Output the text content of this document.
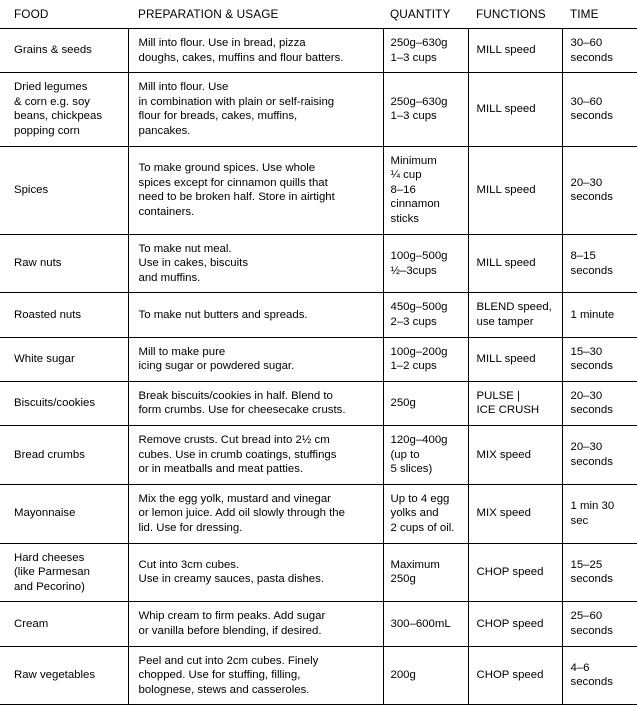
FOOD	PREPARATION & USAGE	QUANTITY	FUNCTIONS	TIME

Grains & seeds	Mill into flour. Use in bread, pizza
doughs, cakes, muffins and flour batters.	250g–630g
1–3 cups	MILL speed	30–60
seconds

Dried legumes
& corn e.g. soy
beans, chickpeas
popping corn	Mill into flour. Use
in combination with plain or self-raising
flour for breads, cakes, muffins,
pancakes.	250g–630g
1–3 cups	MILL speed	30–60
seconds

Spices	To make ground spices. Use whole
spices except for cinnamon quills that
need to be broken half. Store in airtight
containers.	Minimum
¼ cup
8–16
cinnamon
sticks	MILL speed	20–30
seconds

Raw nuts	To make nut meal.
Use in cakes, biscuits
and muffins.	100g–500g
½–3cups	MILL speed	8–15
seconds

Roasted nuts	To make nut butters and spreads.	450g–500g
2–3 cups	BLEND speed,
use tamper	1 minute

White sugar	Mill to make pure
icing sugar or powdered sugar.	100g–200g
1–2 cups	MILL speed	15–30
seconds

Biscuits/cookies	Break biscuits/cookies in half. Blend to
form crumbs. Use for cheesecake crusts.	250g	PULSE |
ICE CRUSH	20–30
seconds

Bread crumbs	Remove crusts. Cut bread into 2½ cm
cubes. Use in crumb coatings, stuffings
or in meatballs and meat patties.	120g–400g
(up to
5 slices)	MIX speed	20–30
seconds

Mayonnaise	Mix the egg yolk, mustard and vinegar
or lemon juice. Add oil slowly through the
lid. Use for dressing.	Up to 4 egg
yolks and
2 cups of oil.	MIX speed	1 min 30
sec

Hard cheeses
(like Parmesan
and Pecorino)	Cut into 3cm cubes.
Use in creamy sauces, pasta dishes.	Maximum
250g	CHOP speed	15–25
seconds

Cream	Whip cream to firm peaks. Add sugar
or vanilla before blending, if desired.	300–600mL	CHOP speed	25–60
seconds

Raw vegetables	Peel and cut into 2cm cubes. Finely
chopped. Use for stuffing, filling,
bolognese, stews and casseroles.	200g	CHOP speed	4–6
seconds
